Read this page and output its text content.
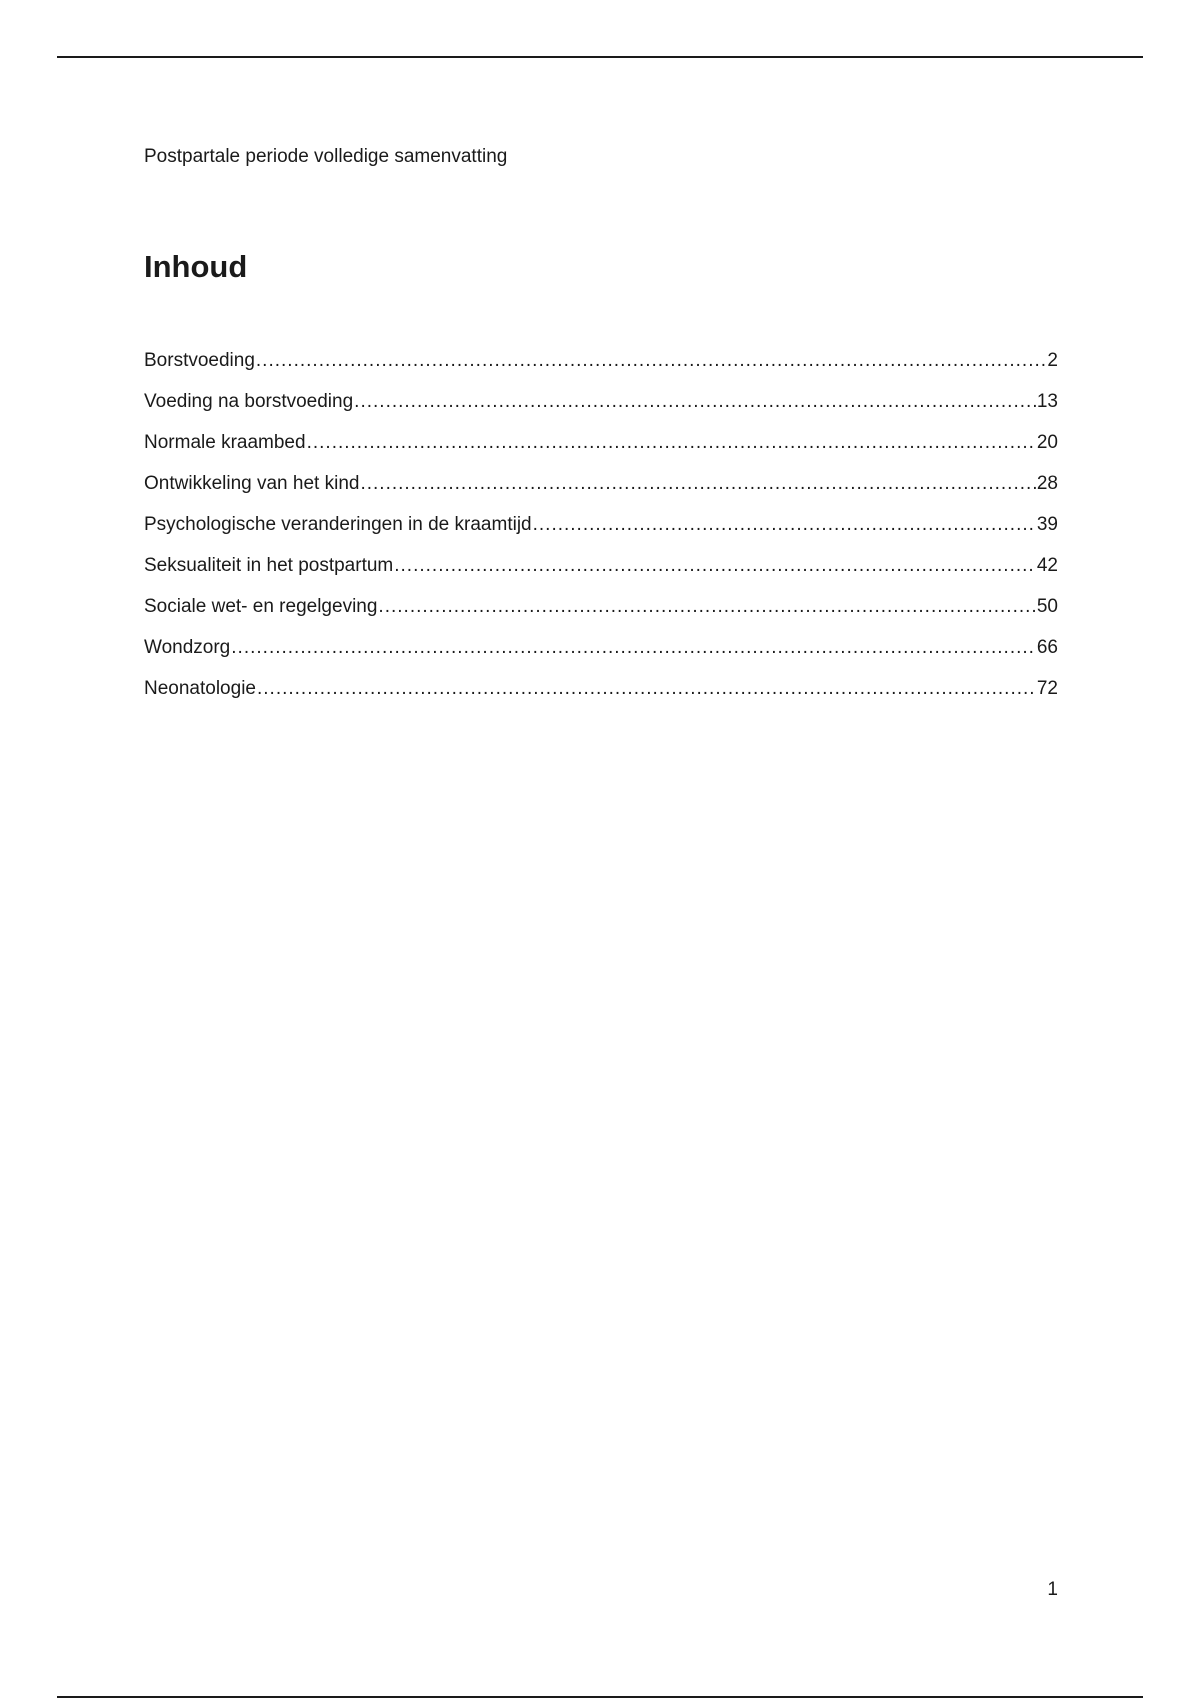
Postpartale periode volledige samenvatting
Inhoud
Borstvoeding .....	2
Voeding na borstvoeding .....	13
Normale kraambed .....	20
Ontwikkeling van het kind .....	28
Psychologische veranderingen in de kraamtijd .....	39
Seksualiteit in het postpartum .....	42
Sociale wet- en regelgeving .....	50
Wondzorg .....	66
Neonatologie .....	72
1
